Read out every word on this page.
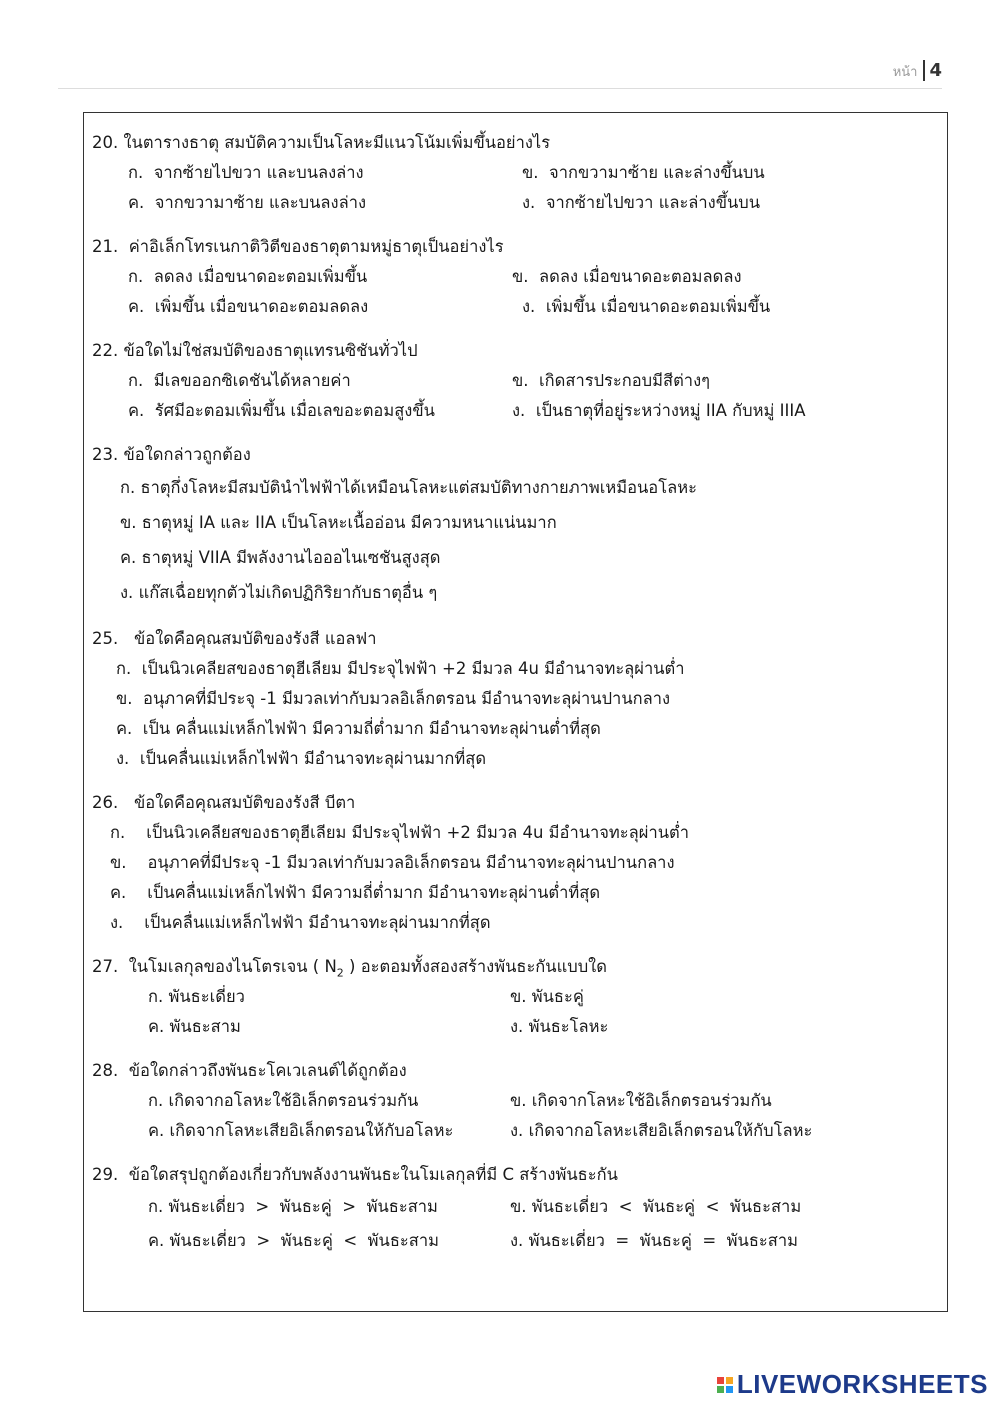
หน้า 4
20. ในตารางธาตุ สมบัติความเป็นโลหะมีแนวโน้มเพิ่มขึ้นอย่างไร
ก. จากซ้ายไปขวา และบนลงล่าง	ข. จากขวามาซ้าย และล่างขึ้นบน
ค. จากขวามาซ้าย และบนลงล่าง	ง. จากซ้ายไปขวา และล่างขึ้นบน
21. ค่าอิเล็กโทรเนกาติวิตีของธาตุตามหมู่ธาตุเป็นอย่างไร
ก. ลดลง เมื่อขนาดอะตอมเพิ่มขึ้น	ข. ลดลง เมื่อขนาดอะตอมลดลง
ค. เพิ่มขึ้น เมื่อขนาดอะตอมลดลง	ง. เพิ่มขึ้น เมื่อขนาดอะตอมเพิ่มขึ้น
22. ข้อใดไม่ใช่สมบัติของธาตุแทรนซิชันทั่วไป
ก. มีเลขออกซิเดชันได้หลายค่า	ข. เกิดสารประกอบมีสีต่างๆ
ค. รัศมีอะตอมเพิ่มขึ้น เมื่อเลขอะตอมสูงขึ้น	ง. เป็นธาตุที่อยู่ระหว่างหมู่ IIA กับหมู่ IIIA
23. ข้อใดกล่าวถูกต้อง
ก. ธาตุกึ่งโลหะมีสมบัตินำไฟฟ้าได้เหมือนโลหะแต่สมบัติทางกายภาพเหมือนอโลหะ
ข. ธาตุหมู่ IA และ IIA เป็นโลหะเนื้ออ่อน มีความหนาแน่นมาก
ค. ธาตุหมู่ VIIA มีพลังงานไอออไนเซชันสูงสุด
ง. แก๊สเฉื่อยทุกตัวไม่เกิดปฏิกิริยากับธาตุอื่น ๆ
25. ข้อใดคือคุณสมบัติของรังสี แอลฟา
ก. เป็นนิวเคลียสของธาตุฮีเลียม มีประจุไฟฟ้า +2 มีมวล 4u มีอำนาจทะลุผ่านต่ำ
ข. อนุภาคที่มีประจุ -1 มีมวลเท่ากับมวลอิเล็กตรอน มีอำนาจทะลุผ่านปานกลาง
ค. เป็น คลื่นแม่เหล็กไฟฟ้า มีความถี่ต่ำมาก มีอำนาจทะลุผ่านต่ำที่สุด
ง. เป็นคลื่นแม่เหล็กไฟฟ้า มีอำนาจทะลุผ่านมากที่สุด
26. ข้อใดคือคุณสมบัติของรังสี บีตา
ก. เป็นนิวเคลียสของธาตุฮีเลียม มีประจุไฟฟ้า +2 มีมวล 4u มีอำนาจทะลุผ่านต่ำ
ข. อนุภาคที่มีประจุ -1 มีมวลเท่ากับมวลอิเล็กตรอน มีอำนาจทะลุผ่านปานกลาง
ค. เป็นคลื่นแม่เหล็กไฟฟ้า มีความถี่ต่ำมาก มีอำนาจทะลุผ่านต่ำที่สุด
ง. เป็นคลื่นแม่เหล็กไฟฟ้า มีอำนาจทะลุผ่านมากที่สุด
27. ในโมเลกุลของไนโตรเจน ( $N_2$ ) อะตอมทั้งสองสร้างพันธะกันแบบใด
ก. พันธะเดี่ยว	ข. พันธะคู่
ค. พันธะสาม	ง. พันธะโลหะ
28. ข้อใดกล่าวถึงพันธะโคเวเลนต์ได้ถูกต้อง
ก. เกิดจากอโลหะใช้อิเล็กตรอนร่วมกัน	ข. เกิดจากโลหะใช้อิเล็กตรอนร่วมกัน
ค. เกิดจากโลหะเสียอิเล็กตรอนให้กับอโลหะ	ง. เกิดจากอโลหะเสียอิเล็กตรอนให้กับโลหะ
29. ข้อใดสรุปถูกต้องเกี่ยวกับพลังงานพันธะในโมเลกุลที่มี C สร้างพันธะกัน
ก. พันธะเดี่ยว  >  พันธะคู่  >  พันธะสาม	ข. พันธะเดี่ยว  <  พันธะคู่  <  พันธะสาม
ค. พันธะเดี่ยว  >  พันธะคู่  <  พันธะสาม	ง. พันธะเดี่ยว  =  พันธะคู่  =  พันธะสาม
LIVEWORKSHEETS
